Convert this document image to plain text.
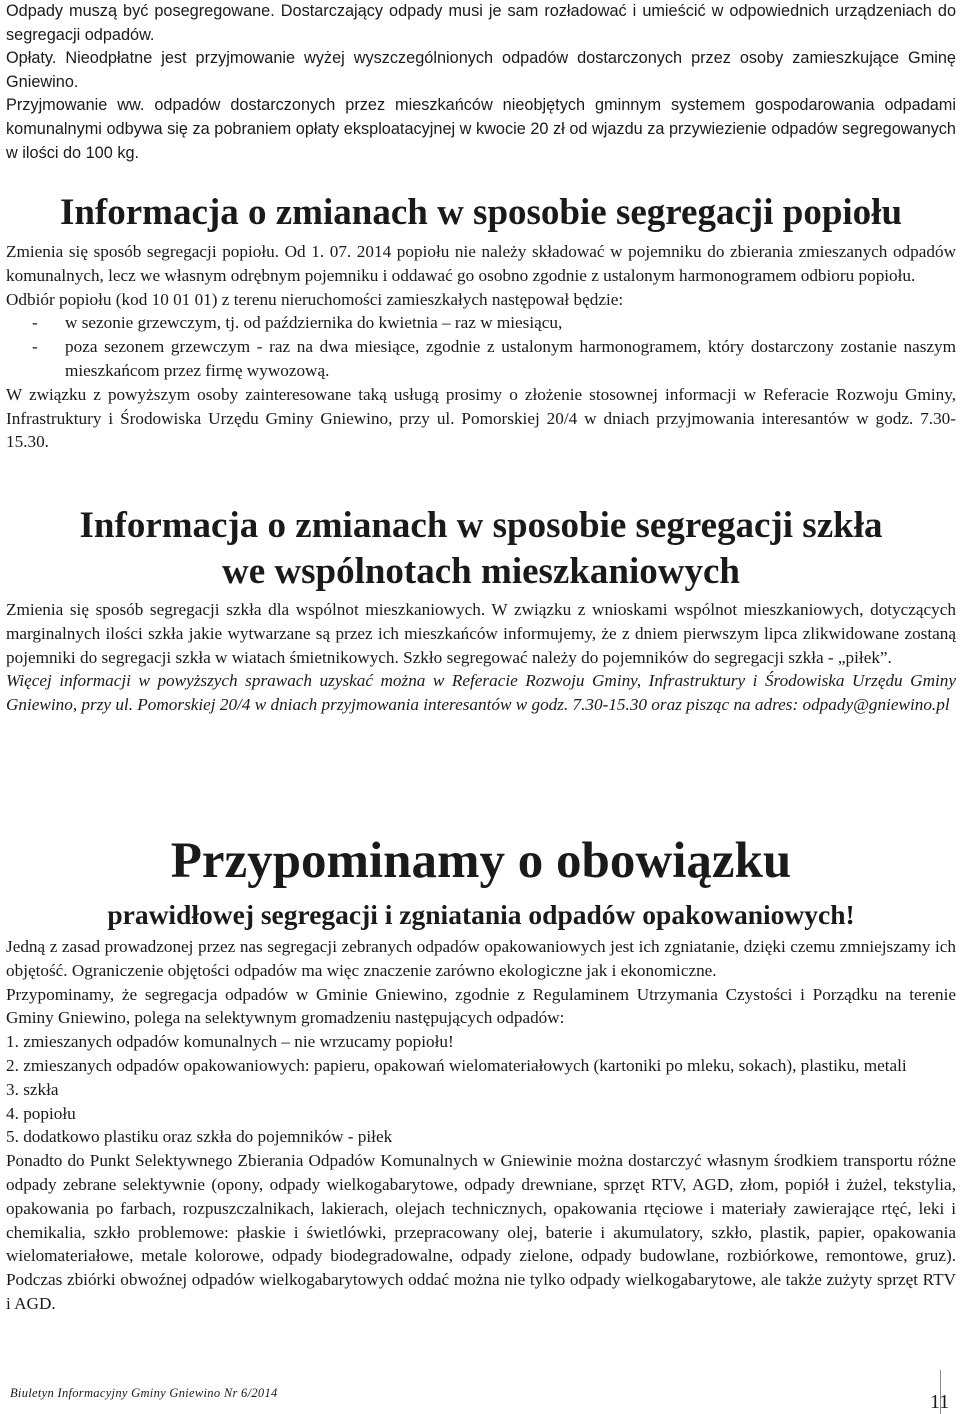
Odpady muszą być posegregowane. Dostarczający odpady musi je sam rozładować i umieścić w odpowiednich urządzeniach do segregacji odpadów.

Opłaty. Nieodpłatne jest przyjmowanie wyżej wyszczególnionych odpadów dostarczonych przez osoby zamieszkujące Gminę Gniewino.

Przyjmowanie ww. odpadów dostarczonych przez mieszkańców nieobjętych gminnym systemem gospodarowania odpadami komunalnymi odbywa się za pobraniem opłaty eksploatacyjnej w kwocie 20 zł od wjazdu za przywiezienie odpadów segregowanych w ilości do 100 kg.

Informacja o zmianach w sposobie segregacji popiołu

Zmienia się sposób segregacji popiołu. Od 1. 07. 2014 popiołu nie należy składować w pojemniku do zbierania zmieszanych odpadów komunalnych, lecz we własnym odrębnym pojemniku i oddawać go osobno zgodnie z ustalonym harmonogramem odbioru popiołu.

Odbiór popiołu (kod 10 01 01) z terenu nieruchomości zamieszkałych następował będzie:

- w sezonie grzewczym, tj. od października do kwietnia – raz w miesiącu,

- poza sezonem grzewczym - raz na dwa miesiące, zgodnie z ustalonym harmonogramem, który dostarczony zostanie naszym mieszkańcom przez firmę wywozową.

W związku z powyższym osoby zainteresowane taką usługą prosimy o złożenie stosownej informacji w Referacie Rozwoju Gminy, Infrastruktury i Środowiska Urzędu Gminy Gniewino, przy ul. Pomorskiej 20/4 w dniach przyjmowania interesantów w godz. 7.30-15.30.

Informacja o zmianach w sposobie segregacji szkła
we wspólnotach mieszkaniowych

Zmienia się sposób segregacji szkła dla wspólnot mieszkaniowych. W związku z wnioskami wspólnot mieszkaniowych, dotyczących marginalnych ilości szkła jakie wytwarzane są przez ich mieszkańców informujemy, że z dniem pierwszym lipca zlikwidowane zostaną pojemniki do segregacji szkła w wiatach śmietnikowych. Szkło segregować należy do pojemników do segregacji szkła - „piłek”.

Więcej informacji w powyższych sprawach uzyskać można w Referacie Rozwoju Gminy, Infrastruktury i Środowiska Urzędu Gminy Gniewino, przy ul. Pomorskiej 20/4 w dniach przyjmowania interesantów w godz. 7.30-15.30 oraz pisząc na adres: odpady@gniewino.pl

Przypominamy o obowiązku
prawidłowej segregacji i zgniatania odpadów opakowaniowych!

Jedną z zasad prowadzonej przez nas segregacji zebranych odpadów opakowaniowych jest ich zgniatanie, dzięki czemu zmniejszamy ich objętość. Ograniczenie objętości odpadów ma więc znaczenie zarówno ekologiczne jak i ekonomiczne.

Przypominamy, że segregacja odpadów w Gminie Gniewino, zgodnie z Regulaminem Utrzymania Czystości i Porządku na terenie Gminy Gniewino, polega na selektywnym gromadzeniu następujących odpadów:

1. zmieszanych odpadów komunalnych – nie wrzucamy popiołu!

2. zmieszanych odpadów opakowaniowych: papieru, opakowań wielomateriałowych (kartoniki po mleku, sokach), plastiku, metali

3. szkła

4. popiołu

5. dodatkowo plastiku oraz szkła do pojemników - piłek

Ponadto do Punkt Selektywnego Zbierania Odpadów Komunalnych w Gniewinie można dostarczyć własnym środkiem transportu różne odpady zebrane selektywnie (opony, odpady wielkogabarytowe, odpady drewniane, sprzęt RTV, AGD, złom, popiół i żużel, tekstylia, opakowania po farbach, rozpuszczalnikach, lakierach, olejach technicznych, opakowania rtęciowe i materiały zawierające rtęć, leki i chemikalia, szkło problemowe: płaskie i świetlówki, przepracowany olej, baterie i akumulatory, szkło, plastik, papier, opakowania wielomateriałowe, metale kolorowe, odpady biodegradowalne, odpady zielone, odpady budowlane, rozbiórkowe, remontowe, gruz). Podczas zbiórki obwoźnej odpadów wielkogabarytowych oddać można nie tylko odpady wielkogabarytowe, ale także zużyty sprzęt RTV i AGD.

Biuletyn Informacyjny Gminy Gniewino Nr 6/2014	11
